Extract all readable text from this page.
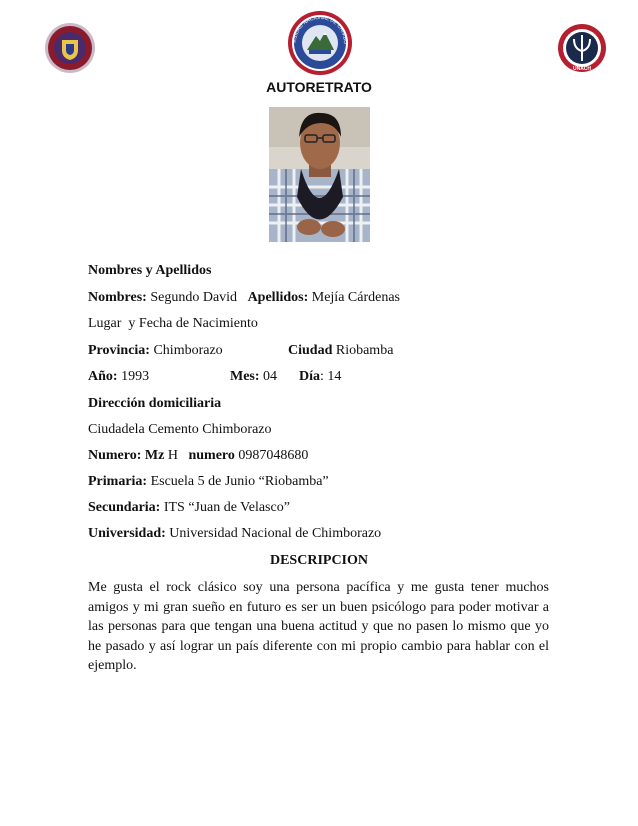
RSIDAD NACIONAL DE CHIMBO
UNACH
AUTORETRATO
Nombres y Apellidos
Nombres: Segundo David Apellidos: Mejía Cárdenas
Lugar  y Fecha de Nacimiento
Provincia: Chimborazo	Ciudad Riobamba
Año: 1993	Mes: 04 Día: 14
Dirección domiciliaria
Ciudadela Cemento Chimborazo
Numero: Mz H numero 0987048680
Primaria: Escuela 5 de Junio “Riobamba”
Secundaria: ITS “Juan de Velasco”
Universidad: Universidad Nacional de Chimborazo
DESCRIPCION
Me gusta el rock clásico soy una persona pacífica y me gusta tener muchos amigos y mi gran sueño en futuro es ser un buen psicólogo para poder motivar a las personas para que tengan una buena actitud y que no pasen lo mismo que yo he pasado y así lograr un país diferente con mi propio cambio para hablar con el ejemplo.
